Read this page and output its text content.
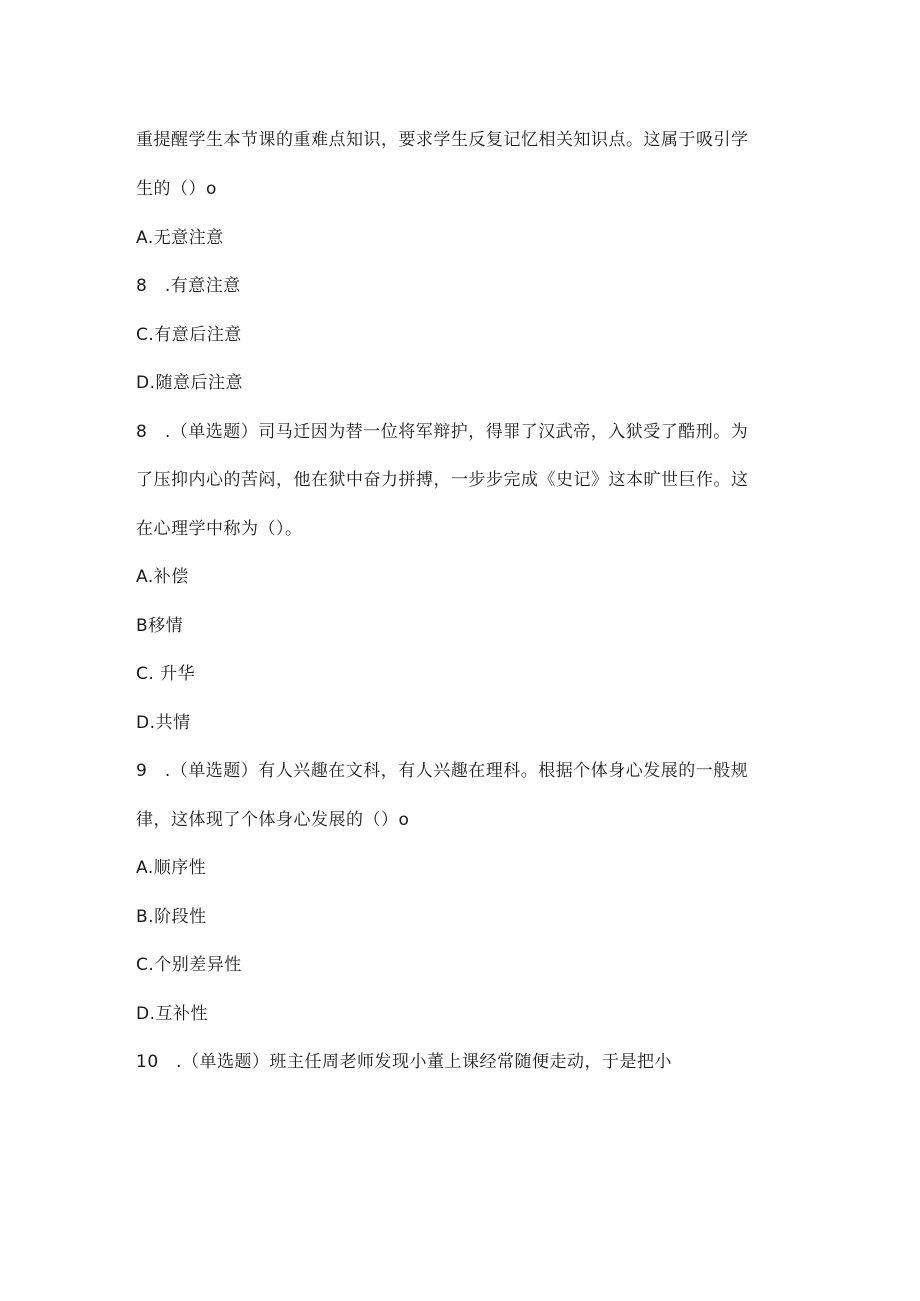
重提醒学生本节课的重难点知识，要求学生反复记忆相关知识点。这属于吸引学
生的（）o
A.无意注意
8　.有意注意
C.有意后注意
D.随意后注意
8　.（单选题）司马迁因为替一位将军辩护，得罪了汉武帝，入狱受了酷刑。为
了压抑内心的苦闷，他在狱中奋力拼搏，一步步完成《史记》这本旷世巨作。这
在心理学中称为（）。
A.补偿
B移情
C. 升华
D.共情
9　.（单选题）有人兴趣在文科，有人兴趣在理科。根据个体身心发展的一般规
律，这体现了个体身心发展的（）o
A.顺序性
B.阶段性
C.个别差异性
D.互补性
10　.（单选题）班主任周老师发现小董上课经常随便走动，于是把小
